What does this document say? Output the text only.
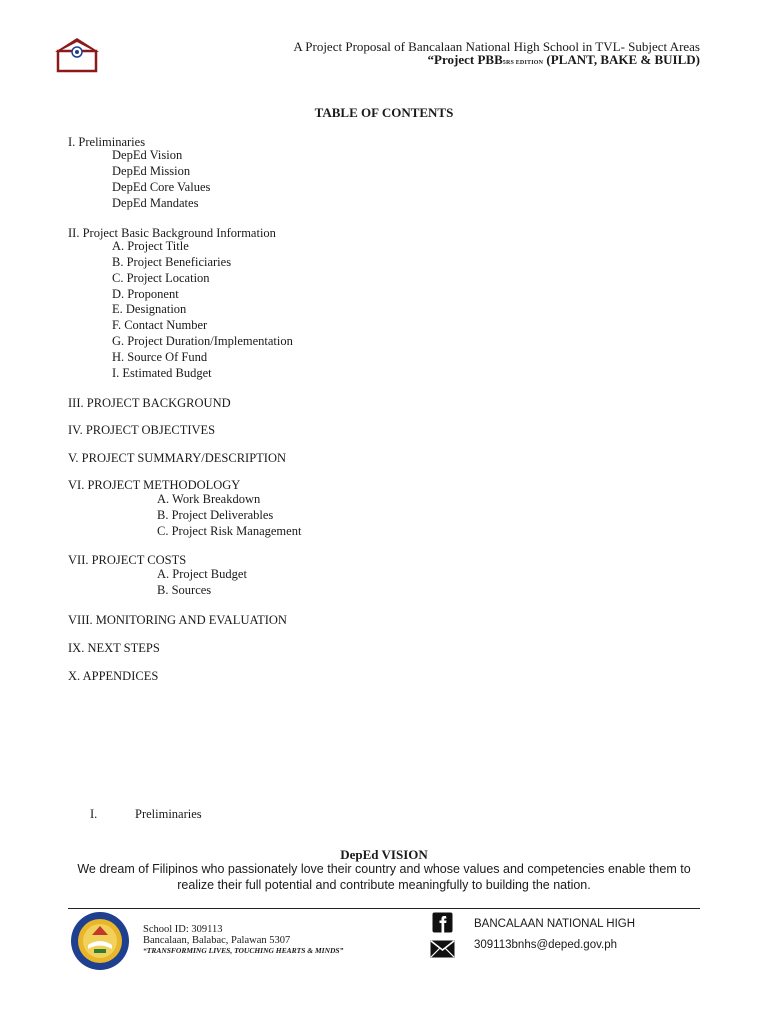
A Project Proposal of Bancalaan National High School in TVL- Subject Areas
“Project PBB5RS EDITION (PLANT, BAKE & BUILD)
TABLE OF CONTENTS
I. Preliminaries
DepEd Vision
DepEd Mission
DepEd Core Values
DepEd Mandates
II. Project Basic Background Information
A. Project Title
B. Project Beneficiaries
C. Project Location
D. Proponent
E. Designation
F. Contact Number
G. Project Duration/Implementation
H. Source Of Fund
I. Estimated Budget
III. PROJECT BACKGROUND
IV. PROJECT OBJECTIVES
V. PROJECT SUMMARY/DESCRIPTION
VI. PROJECT METHODOLOGY
A. Work Breakdown
B. Project Deliverables
C. Project Risk Management
VII. PROJECT COSTS
A. Project Budget
B. Sources
VIII. MONITORING AND EVALUATION
IX. NEXT STEPS
X. APPENDICES
I.	Preliminaries
DepEd VISION
We dream of Filipinos who passionately love their country and whose values and competencies enable them to
realize their full potential and contribute meaningfully to building the nation.
School ID: 309113
Bancalaan, Balabac, Palawan 5307
“TRANSFORMING LIVES, TOUCHING HEARTS & MINDS”
BANCALAAN NATIONAL HIGH
309113bnhs@deped.gov.ph
